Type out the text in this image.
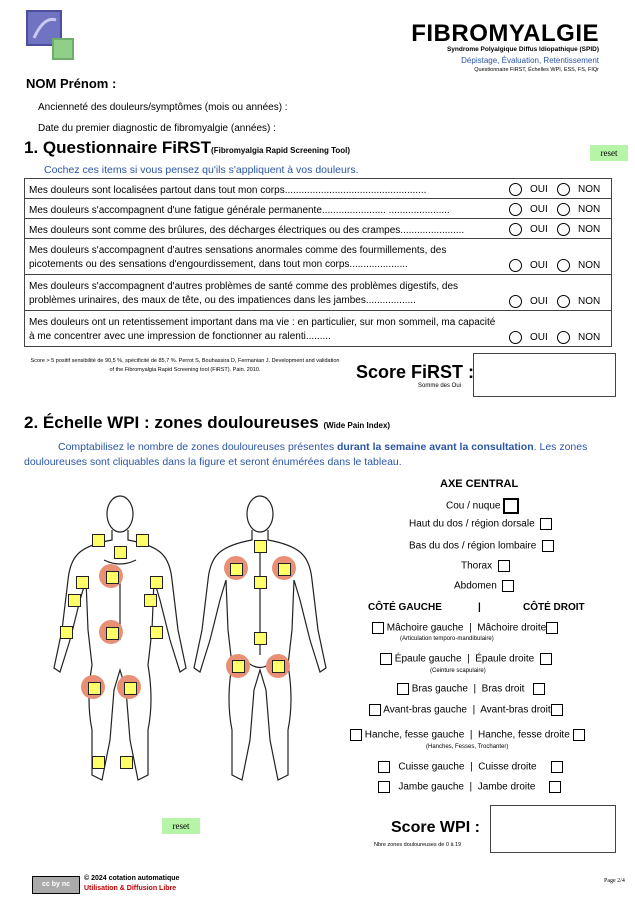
FIBROMYALGIE
Syndrome Polyalgique Diffus Idiopathique (SPID)
Dépistage, Évaluation, Retentissement
Questionnaire FiRST, Échelles WPI, ESS, FS, FIQr
NOM Prénom :
Ancienneté des douleurs/symptômes (mois ou années) :
Date du premier diagnostic de fibromyalgie (années) :
1. Questionnaire FiRST(Fibromyalgia Rapid Screening Tool)	reset
Cochez ces items si vous pensez qu'ils s'appliquent à vos douleurs.
Mes douleurs sont localisées partout dans tout mon corps...................................................	OUI	NON
Mes douleurs s'accompagnent d'une fatigue générale permanente....................... ......................	OUI	NON
Mes douleurs sont comme des brûlures, des décharges électriques ou des crampes.......................	OUI	NON
Mes douleurs s'accompagnent d'autres sensations anormales comme des fourmillements, des picotements ou des sensations d'engourdissement, dans tout mon corps.....................	OUI	NON
Mes douleurs s'accompagnent d'autres problèmes de santé comme des problèmes digestifs, des problèmes urinaires, des maux de tête, ou des impatiences dans les jambes..................	OUI	NON
Mes douleurs ont un retentissement important dans ma vie : en particulier, sur mon sommeil, ma capacité à me concentrer avec une impression de fonctionner au ralenti.........	OUI	NON
Score > 5 positif sensibilité de 90,5 %, spécificité de 85,7 %. Perrot S, Bouhassira D, Fermanian J. Development and validation of the Fibromyalgia Rapid Screening tool (FiRST). Pain. 2010.	Score FiRST :
Somme des Oui
2. Échelle WPI : zones douloureuses (Wide Pain Index)
Comptabilisez le nombre de zones douloureuses présentes durant la semaine avant la consultation. Les zones douloureuses sont cliquables dans la figure et seront énumérées dans le tableau.
reset
AXE CENTRAL
Cou / nuque
Haut du dos / région dorsale
Bas du dos / région lombaire
Thorax
Abdomen
CÔTÉ GAUCHE	|	CÔTÉ DROIT
Mâchoire gauche | Mâchoire droite
(Articulation temporo-mandibulaire)
Épaule gauche | Épaule droite
(Ceinture scapulaire)
Bras gauche | Bras droit
Avant-bras gauche | Avant-bras droit
Hanche, fesse gauche | Hanche, fesse droite
(Hanches, Fesses, Trochanter)
Cuisse gauche | Cuisse droite
Jambe gauche | Jambe droite
Score WPI :
Nbre zones douloureuses de 0 à 19
cc by nc
© 2024 cotation automatique
Utilisation & Diffusion Libre
Page 2/4
